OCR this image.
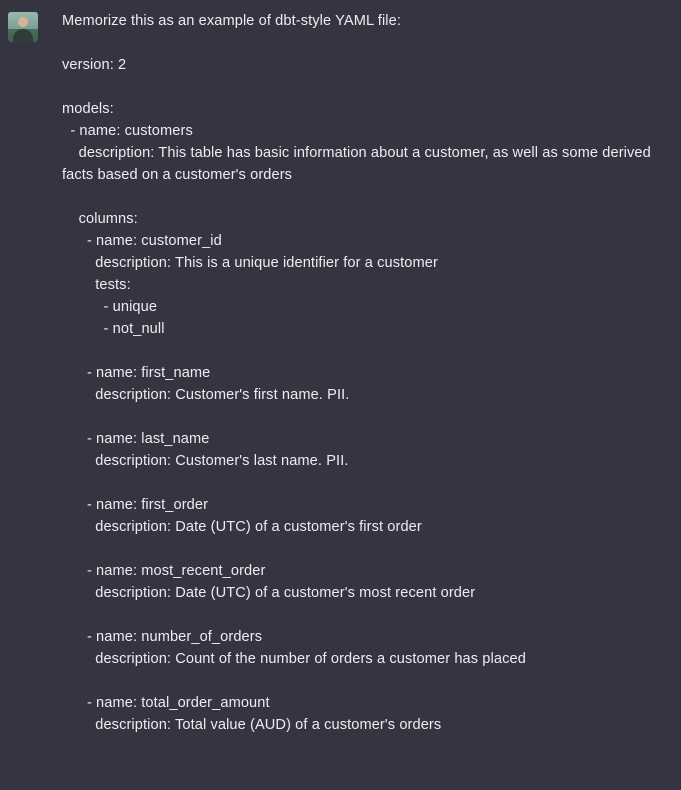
Memorize this as an example of dbt-style YAML file:
version: 2
models:
- name: customers
description: This table has basic information about a customer, as well as some derived facts based on a customer's orders
columns:
- name: customer_id
description: This is a unique identifier for a customer
tests:
- unique
- not_null
- name: first_name
description: Customer's first name. PII.
- name: last_name
description: Customer's last name. PII.
- name: first_order
description: Date (UTC) of a customer's first order
- name: most_recent_order
description: Date (UTC) of a customer's most recent order
- name: number_of_orders
description: Count of the number of orders a customer has placed
- name: total_order_amount
description: Total value (AUD) of a customer's orders
